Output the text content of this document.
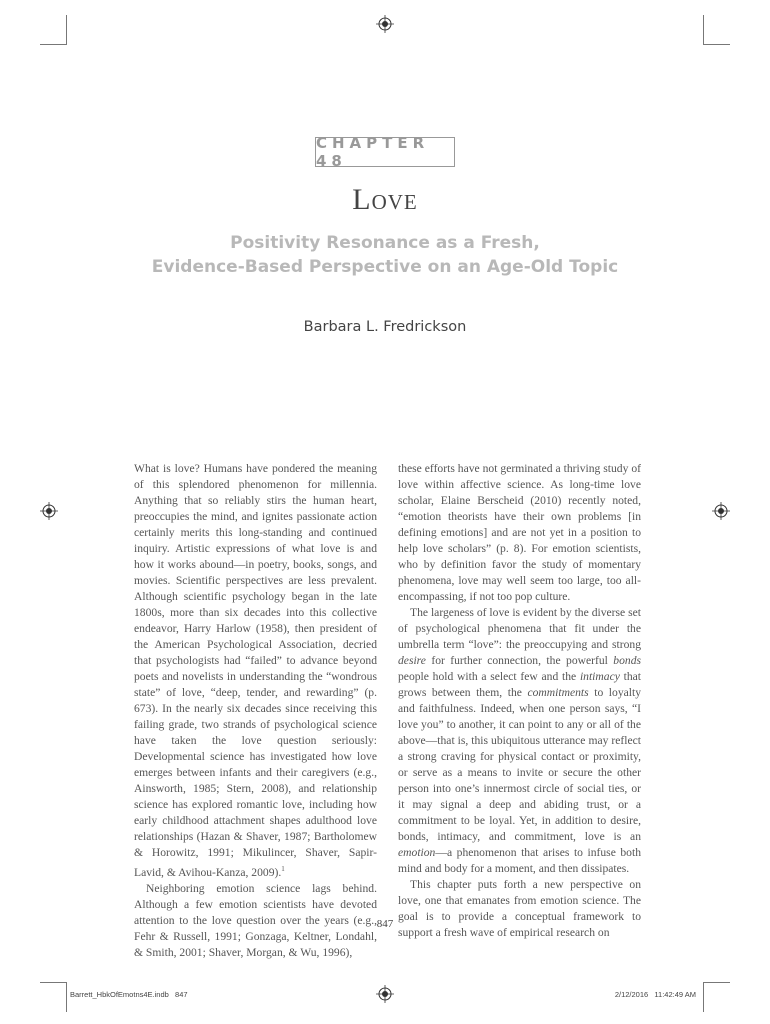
CHAPTER 48
Love
Positivity Resonance as a Fresh,
Evidence-Based Perspective on an Age-Old Topic
Barbara L. Fredrickson

What is love? Humans have pondered the meaning of this splendored phenomenon for millennia. Anything that so reliably stirs the human heart, preoccupies the mind, and ignites passionate action certainly merits this long-standing and continued inquiry. Artistic expressions of what love is and how it works abound—in poetry, books, songs, and movies. Scientific perspectives are less prevalent. Although scientific psychology began in the late 1800s, more than six decades into this collective endeavor, Harry Harlow (1958), then president of the American Psychological Association, decried that psychologists had “failed” to advance beyond poets and novelists in understanding the “wondrous state” of love, “deep, tender, and rewarding” (p. 673). In the nearly six decades since receiving this failing grade, two strands of psychological science have taken the love question seriously: Developmental science has investigated how love emerges between infants and their caregivers (e.g., Ainsworth, 1985; Stern, 2008), and relationship science has explored romantic love, including how early childhood attachment shapes adulthood love relationships (Hazan & Shaver, 1987; Bartholomew & Horowitz, 1991; Mikulincer, Shaver, Sapir-Lavid, & Avihou-Kanza, 2009).$^1$

Neighboring emotion science lags behind. Although a few emotion scientists have devoted attention to the love question over the years (e.g., Fehr & Russell, 1991; Gonzaga, Keltner, Londahl, & Smith, 2001; Shaver, Morgan, & Wu, 1996),

these efforts have not germinated a thriving study of love within affective science. As long-time love scholar, Elaine Berscheid (2010) recently noted, “emotion theorists have their own problems [in defining emotions] and are not yet in a position to help love scholars” (p. 8). For emotion scientists, who by definition favor the study of momentary phenomena, love may well seem too large, too all-encompassing, if not too pop culture.

The largeness of love is evident by the diverse set of psychological phenomena that fit under the umbrella term “love”: the preoccupying and strong desire for further connection, the powerful bonds people hold with a select few and the intimacy that grows between them, the commitments to loyalty and faithfulness. Indeed, when one person says, “I love you” to another, it can point to any or all of the above—that is, this ubiquitous utterance may reflect a strong craving for physical contact or proximity, or serve as a means to invite or secure the other person into one’s innermost circle of social ties, or it may signal a deep and abiding trust, or a commitment to be loyal. Yet, in addition to desire, bonds, intimacy, and commitment, love is an emotion—a phenomenon that arises to infuse both mind and body for a moment, and then dissipates.

This chapter puts forth a new perspective on love, one that emanates from emotion science. The goal is to provide a conceptual framework to support a fresh wave of empirical research on

847
Barrett_HbkOfEmotns4E.indb   847	2/12/2016   11:42:49 AM
